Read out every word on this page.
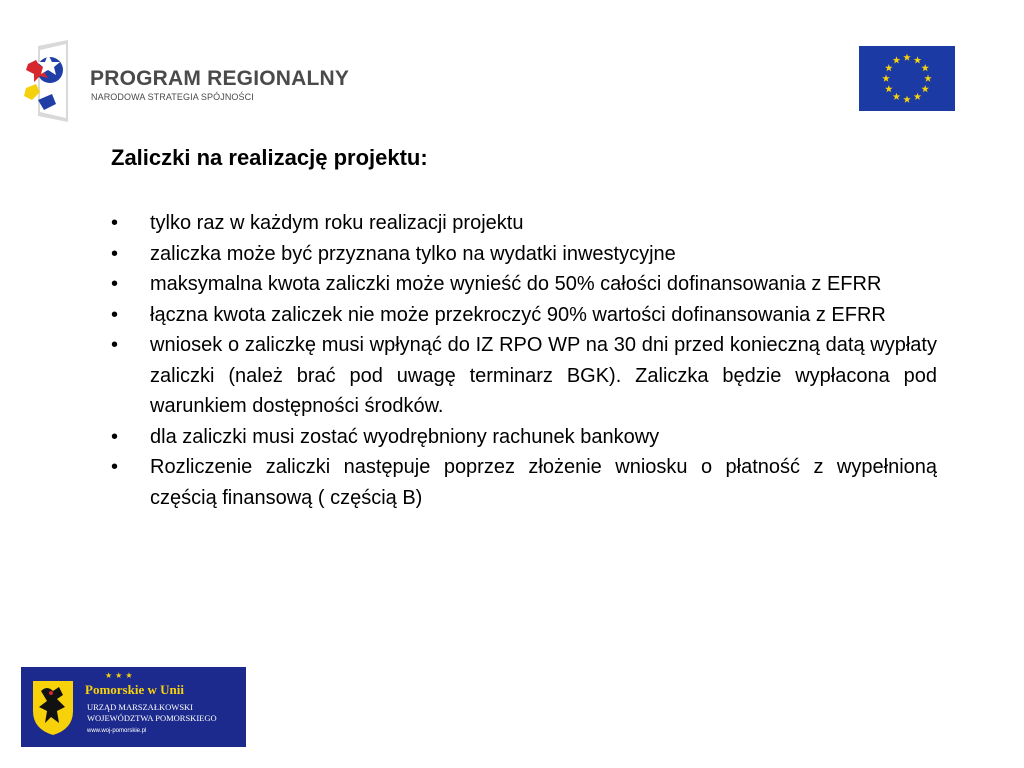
PROGRAM REGIONALNY
NARODOWA STRATEGIA SPÓJNOŚCI
Zaliczki na realizację projektu:
• tylko raz w każdym roku realizacji projektu
• zaliczka może być przyznana tylko na wydatki inwestycyjne
• maksymalna kwota zaliczki może wynieść do 50% całości dofinansowania z EFRR
• łączna kwota zaliczek nie może przekroczyć 90% wartości dofinansowania z EFRR
• wniosek o zaliczkę musi wpłynąć do IZ RPO WP na 30 dni przed konieczną datą wypłaty zaliczki (należ brać pod uwagę terminarz BGK). Zaliczka będzie wypłacona pod warunkiem dostępności środków.
• dla zaliczki musi zostać wyodrębniony rachunek bankowy
• Rozliczenie zaliczki następuje poprzez złożenie wniosku o płatność z wypełnioną częścią finansową ( częścią B)
★★★
Pomorskie w Unii
URZĄD MARSZAŁKOWSKI
WOJEWÓDZTWA POMORSKIEGO
www.woj-pomorskie.pl
